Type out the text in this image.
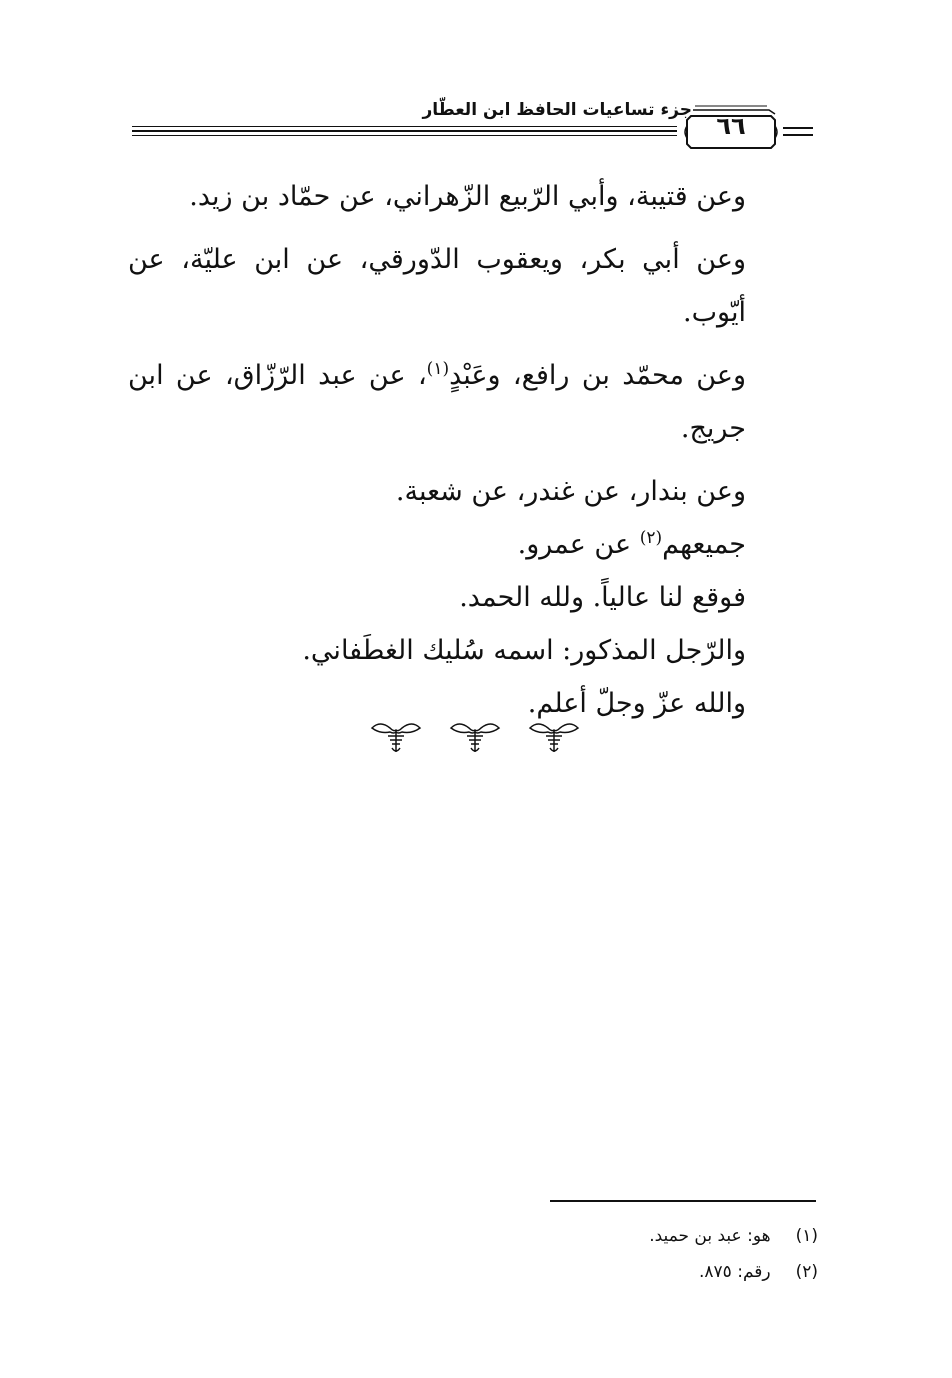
جزء تساعيات الحافظ ابن العطّار
٦٦

وعن قتيبة، وأبي الرّبيع الزّهراني، عن حمّاد بن زيد.

وعن أبي بكر، ويعقوب الدّورقي، عن ابن عليّة، عن أيّوب.

وعن محمّد بن رافع، وعَبْدٍ$^{(١)}$، عن عبد الرّزّاق، عن ابن جريج.

وعن بندار، عن غندر، عن شعبة.

جميعهم$^{(٢)}$ عن عمرو.

فوقع لنا عالياً. ولله الحمد.

والرّجل المذكور: اسمه سُليك الغطَفاني.

والله عزّ وجلّ أعلم.

(١) هو: عبد بن حميد.
(٢) رقم: ٨٧٥.
